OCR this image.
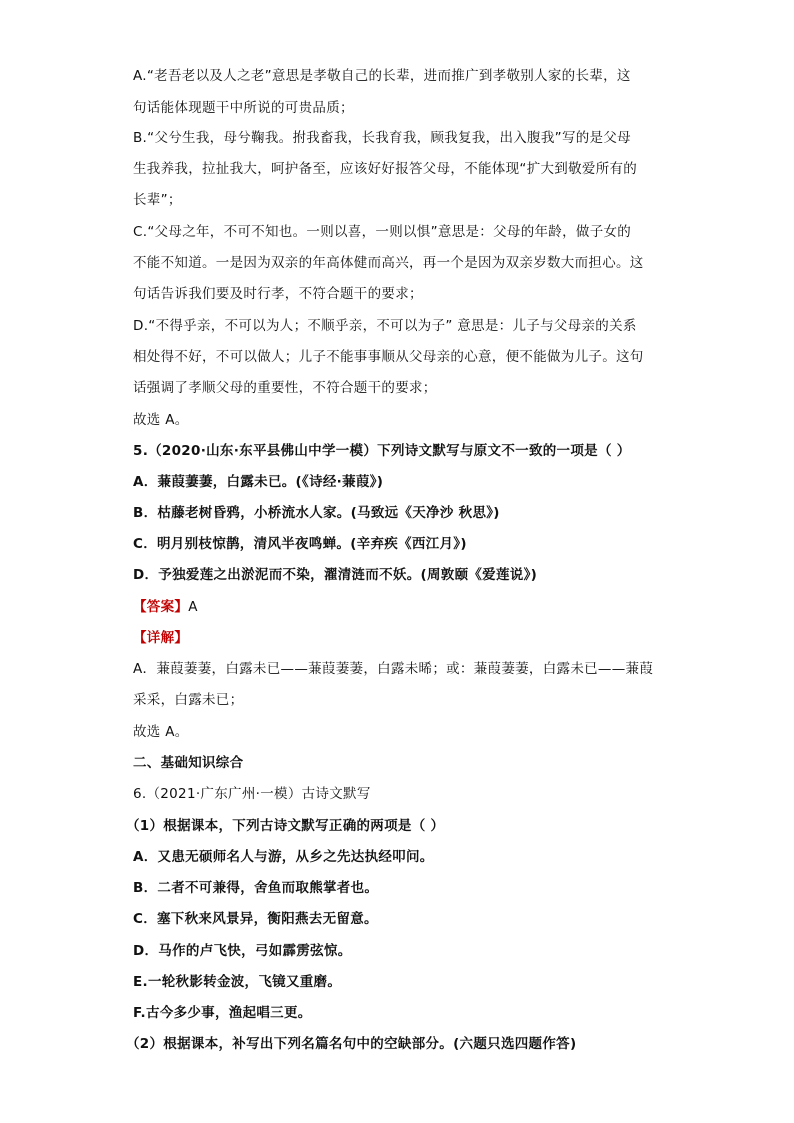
A.“老吾老以及人之老”意思是孝敬自己的长辈，进而推广到孝敬别人家的长辈，这
句话能体现题干中所说的可贵品质；
B.“父兮生我，母兮鞠我。拊我畜我，长我育我，顾我复我，出入腹我”写的是父母
生我养我，拉扯我大，呵护备至，应该好好报答父母，不能体现“扩大到敬爱所有的
长辈”；
C.“父母之年，不可不知也。一则以喜，一则以惧”意思是：父母的年龄，做子女的
不能不知道。一是因为双亲的年高体健而高兴，再一个是因为双亲岁数大而担心。这
句话告诉我们要及时行孝，不符合题干的要求；
D.“不得乎亲，不可以为人；不顺乎亲，不可以为子” 意思是：儿子与父母亲的关系
相处得不好，不可以做人；儿子不能事事顺从父母亲的心意，便不能做为儿子。这句
话强调了孝顺父母的重要性，不符合题干的要求；
故选 A。
5.（2020·山东·东平县佛山中学一模）下列诗文默写与原文不一致的一项是（ ）
A．蒹葭萋萋，白露未已。(《诗经·蒹葭》)
B．枯藤老树昏鸦，小桥流水人家。(马致远《天净沙 秋思》)
C．明月别枝惊鹊，清风半夜鸣蝉。(辛弃疾《西江月》)
D．予独爱莲之出淤泥而不染，濯清涟而不妖。(周敦颐《爱莲说》)
【答案】A
【详解】
A．蒹葭萋萋，白露未已——蒹葭萋萋，白露未晞；或：蒹葭萋萋，白露未已——蒹葭
采采，白露未已；
故选 A。
二、基础知识综合
6.（2021·广东广州·一模）古诗文默写
（1）根据课本，下列古诗文默写正确的两项是（ ）
A．又患无硕师名人与游，从乡之先达执经叩问。
B．二者不可兼得，舍鱼而取熊掌者也。
C．塞下秋来风景异，衡阳燕去无留意。
D．马作的卢飞快，弓如霹雳弦惊。
E.一轮秋影转金波，飞镜又重磨。
F.古今多少事，渔起唱三更。
（2）根据课本，补写出下列名篇名句中的空缺部分。(六题只选四题作答)
